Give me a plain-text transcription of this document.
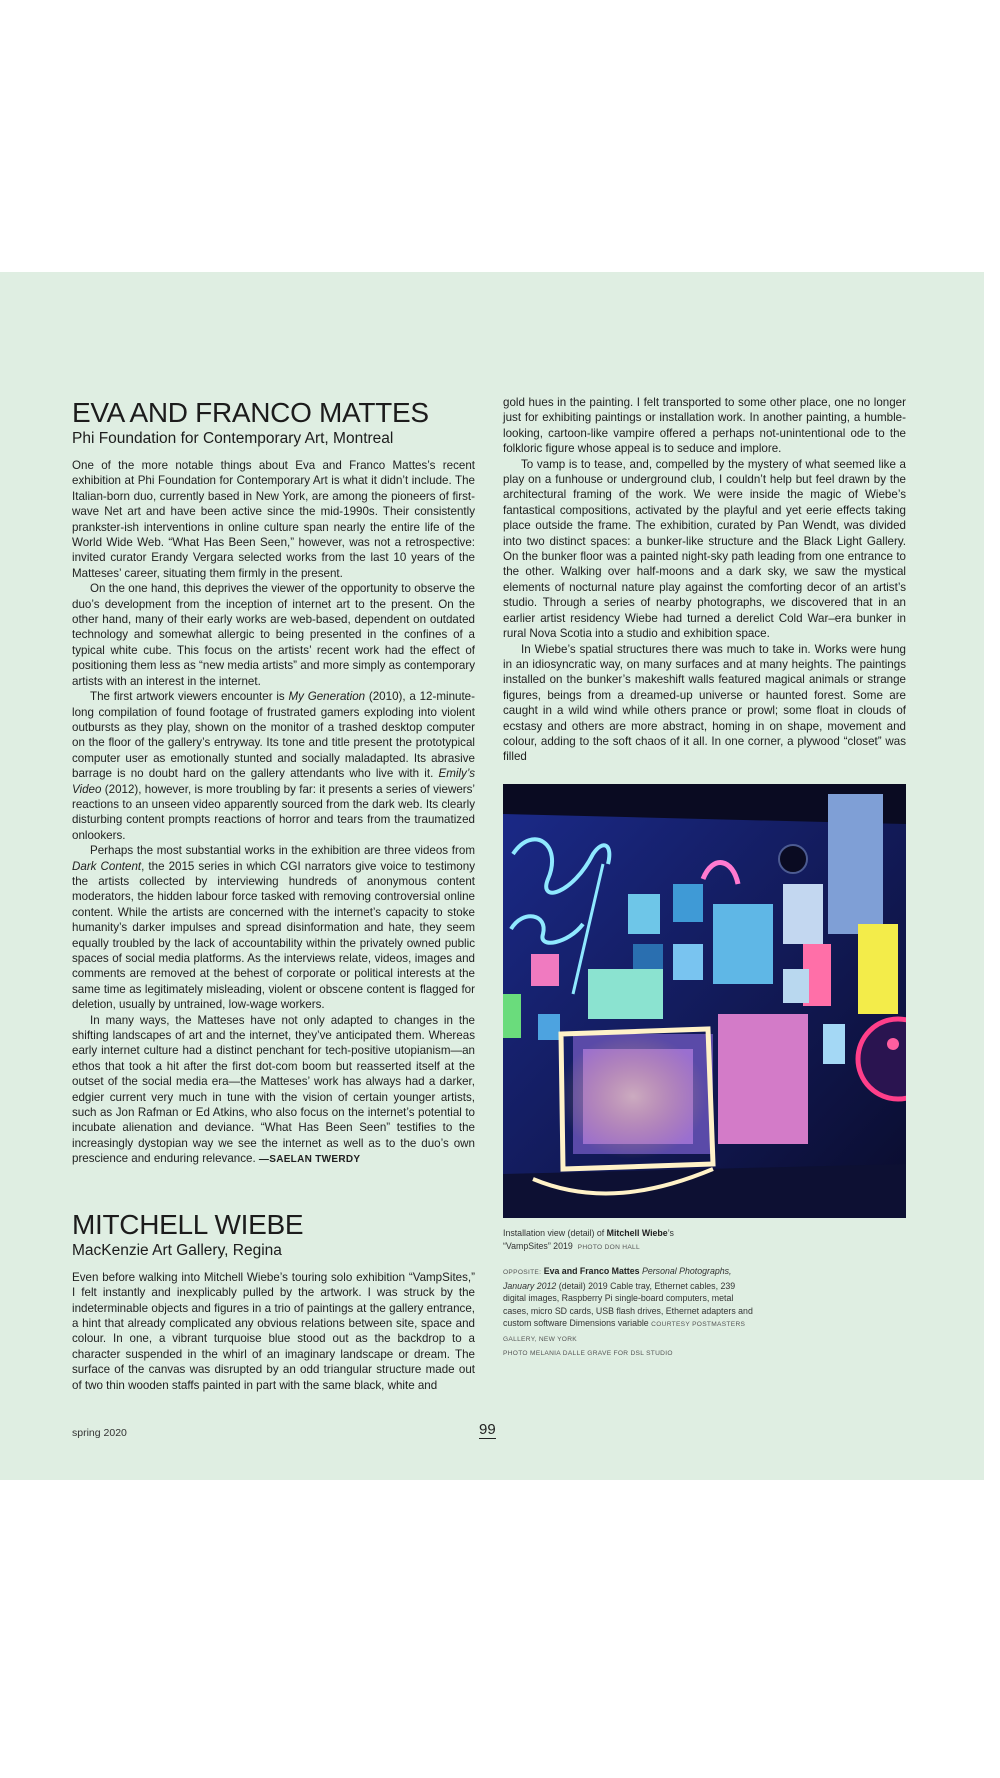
EVA AND FRANCO MATTES
Phi Foundation for Contemporary Art, Montreal

One of the more notable things about Eva and Franco Mattes’s recent exhibition at Phi Foundation for Contemporary Art is what it didn’t include. The Italian-born duo, currently based in New York, are among the pioneers of first-wave Net art and have been active since the mid-1990s. Their consistently prankster-ish interventions in online culture span nearly the entire life of the World Wide Web. “What Has Been Seen,” however, was not a retrospective: invited curator Erandy Vergara selected works from the last 10 years of the Matteses’ career, situating them firmly in the present.

On the one hand, this deprives the viewer of the opportunity to observe the duo’s development from the inception of internet art to the present. On the other hand, many of their early works are web-based, dependent on outdated technology and somewhat allergic to being presented in the confines of a typical white cube. This focus on the artists’ recent work had the effect of positioning them less as “new media artists” and more simply as contemporary artists with an interest in the internet.

The first artwork viewers encounter is My Generation (2010), a 12-minute-long compilation of found footage of frustrated gamers exploding into violent outbursts as they play, shown on the monitor of a trashed desktop computer on the floor of the gallery’s entryway. Its tone and title present the prototypical computer user as emotionally stunted and socially maladapted. Its abrasive barrage is no doubt hard on the gallery attendants who live with it. Emily’s Video (2012), however, is more troubling by far: it presents a series of viewers’ reactions to an unseen video apparently sourced from the dark web. Its clearly disturbing content prompts reactions of horror and tears from the traumatized onlookers.

Perhaps the most substantial works in the exhibition are three videos from Dark Content, the 2015 series in which CGI narrators give voice to testimony the artists collected by interviewing hundreds of anonymous content moderators, the hidden labour force tasked with removing controversial online content. While the artists are concerned with the internet’s capacity to stoke humanity’s darker impulses and spread disinformation and hate, they seem equally troubled by the lack of accountability within the privately owned public spaces of social media platforms. As the interviews relate, videos, images and comments are removed at the behest of corporate or political interests at the same time as legitimately misleading, violent or obscene content is flagged for deletion, usually by untrained, low-wage workers.

In many ways, the Matteses have not only adapted to changes in the shifting landscapes of art and the internet, they’ve anticipated them. Whereas early internet culture had a distinct penchant for tech-positive utopianism—an ethos that took a hit after the first dot-com boom but reasserted itself at the outset of the social media era—the Matteses’ work has always had a darker, edgier current very much in tune with the vision of certain younger artists, such as Jon Rafman or Ed Atkins, who also focus on the internet’s potential to incubate alienation and deviance. “What Has Been Seen” testifies to the increasingly dystopian way we see the internet as well as to the duo’s own prescience and enduring relevance. —SAELAN TWERDY

MITCHELL WIEBE
MacKenzie Art Gallery, Regina

Even before walking into Mitchell Wiebe’s touring solo exhibition “VampSites,” I felt instantly and inexplicably pulled by the artwork. I was struck by the indeterminable objects and figures in a trio of paintings at the gallery entrance, a hint that already complicated any obvious relations between site, space and colour. In one, a vibrant turquoise blue stood out as the backdrop to a character suspended in the whirl of an imaginary landscape or dream. The surface of the canvas was disrupted by an odd triangular structure made out of two thin wooden staffs painted in part with the same black, white and

gold hues in the painting. I felt transported to some other place, one no longer just for exhibiting paintings or installation work. In another painting, a humble-looking, cartoon-like vampire offered a perhaps not-unintentional ode to the folkloric figure whose appeal is to seduce and implore.

To vamp is to tease, and, compelled by the mystery of what seemed like a play on a funhouse or underground club, I couldn’t help but feel drawn by the architectural framing of the work. We were inside the magic of Wiebe’s fantastical compositions, activated by the playful and yet eerie effects taking place outside the frame. The exhibition, curated by Pan Wendt, was divided into two distinct spaces: a bunker-like structure and the Black Light Gallery. On the bunker floor was a painted night-sky path leading from one entrance to the other. Walking over half-moons and a dark sky, we saw the mystical elements of nocturnal nature play against the comforting decor of an artist’s studio. Through a series of nearby photographs, we discovered that in an earlier artist residency Wiebe had turned a derelict Cold War–era bunker in rural Nova Scotia into a studio and exhibition space.

In Wiebe’s spatial structures there was much to take in. Works were hung in an idiosyncratic way, on many surfaces and at many heights. The paintings installed on the bunker’s makeshift walls featured magical animals or strange figures, beings from a dreamed-up universe or haunted forest. Some are caught in a wild wind while others prance or prowl; some float in clouds of ecstasy and others are more abstract, homing in on shape, movement and colour, adding to the soft chaos of it all. In one corner, a plywood “closet” was filled

Installation view (detail) of Mitchell Wiebe’s
“VampSites” 2019 PHOTO DON HALL
OPPOSITE: Eva and Franco Mattes Personal Photographs, January 2012 (detail) 2019 Cable tray, Ethernet cables, 239 digital images, Raspberry Pi single-board computers, metal cases, micro SD cards, USB flash drives, Ethernet adapters and custom software Dimensions variable COURTESY POSTMASTERS GALLERY, NEW YORK
PHOTO MELANIA DALLE GRAVE FOR DSL STUDIO
spring 2020	99
